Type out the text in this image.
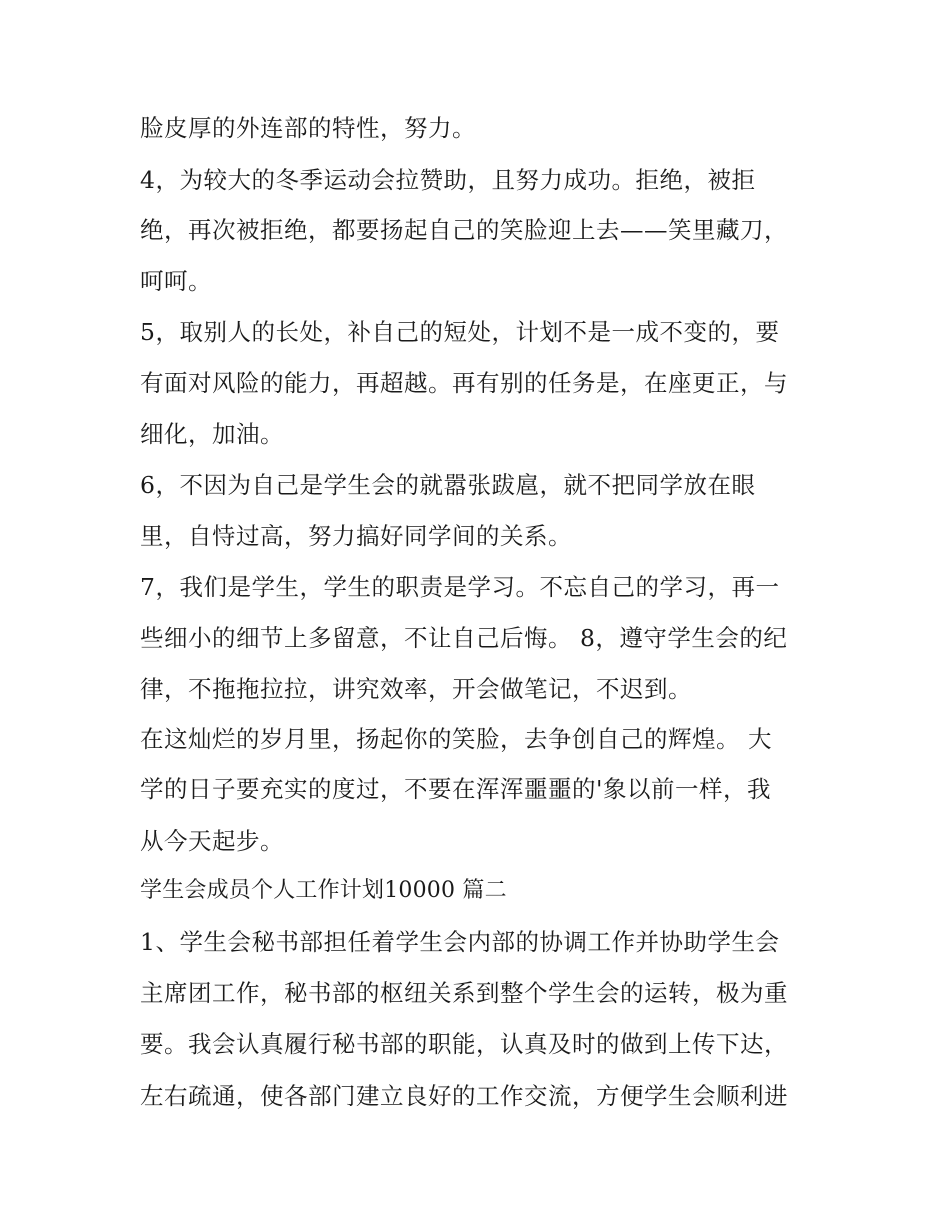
脸皮厚的外连部的特性，努力。
4，为较大的冬季运动会拉赞助，且努力成功。拒绝，被拒
绝，再次被拒绝，都要扬起自己的笑脸迎上去——笑里藏刀，
呵呵。
5，取别人的长处，补自己的短处，计划不是一成不变的，要
有面对风险的能力，再超越。再有别的任务是，在座更正，与
细化，加油。
6，不因为自己是学生会的就嚣张跋扈，就不把同学放在眼
里，自恃过高，努力搞好同学间的关系。
7，我们是学生，学生的职责是学习。不忘自己的学习，再一
些细小的细节上多留意，不让自己后悔。 8，遵守学生会的纪
律，不拖拖拉拉，讲究效率，开会做笔记，不迟到。
在这灿烂的岁月里，扬起你的笑脸，去争创自己的辉煌。 大
学的日子要充实的度过，不要在浑浑噩噩的'象以前一样，我
从今天起步。
学生会成员个人工作计划10000 篇二
1、学生会秘书部担任着学生会内部的协调工作并协助学生会
主席团工作，秘书部的枢纽关系到整个学生会的运转，极为重
要。我会认真履行秘书部的职能，认真及时的做到上传下达，
左右疏通，使各部门建立良好的工作交流，方便学生会顺利进
